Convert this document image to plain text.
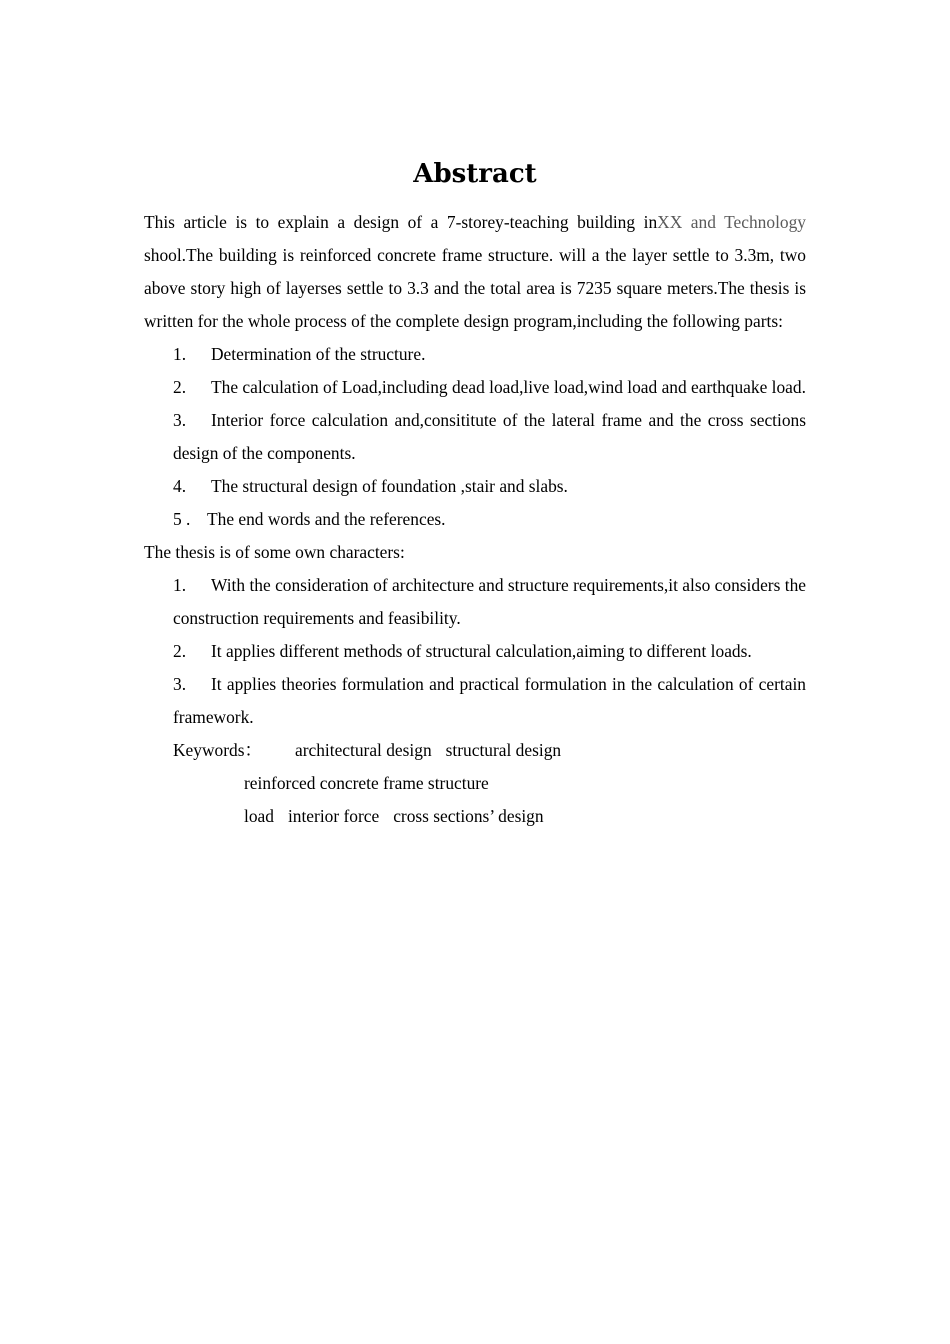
Abstract

This article is to explain a design of a 7-storey-teaching building inXX and Technology shool.The building is reinforced concrete frame structure. will a the layer settle to 3.3m, two above story high of layerses settle to 3.3 and the total area is 7235 square meters.The thesis is written for the whole process of the complete design program,including the following parts:

1. Determination of the structure.

2. The calculation of Load,including dead load,live load,wind load and earthquake load.

3. Interior force calculation and,consititute of the lateral frame and the cross sections design of the components.

4. The structural design of foundation ,stair and slabs.

5 . The end words and the references.

The thesis is of some own characters:

1. With the consideration of architecture and structure requirements,it also considers the construction requirements and feasibility.

2. It applies different methods of structural calculation,aiming to different loads.

3. It applies theories formulation and practical formulation in the calculation of certain framework.

Keywords： architectural design structural design
reinforced concrete frame structure
load interior force cross sections’ design
